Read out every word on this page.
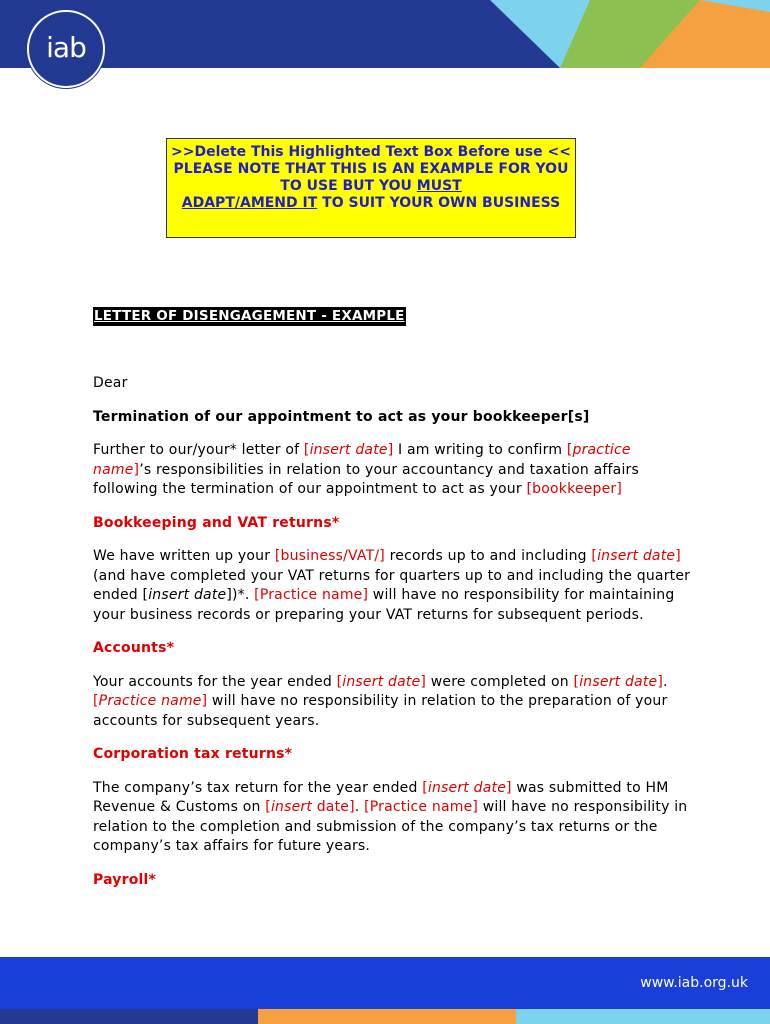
iab
>>Delete This Highlighted Text Box Before use <<
PLEASE NOTE THAT THIS IS AN EXAMPLE FOR YOU TO USE BUT YOU MUST
ADAPT/AMEND IT TO SUIT YOUR OWN BUSINESS
LETTER OF DISENGAGEMENT - EXAMPLE

Dear

Termination of our appointment to act as your bookkeeper[s]

Further to our/your* letter of [insert date] I am writing to confirm [practice name]’s responsibilities in relation to your accountancy and taxation affairs following the termination of our appointment to act as your [bookkeeper]

Bookkeeping and VAT returns*

We have written up your [business/VAT/] records up to and including [insert date] (and have completed your VAT returns for quarters up to and including the quarter ended [insert date])*. [Practice name] will have no responsibility for maintaining your business records or preparing your VAT returns for subsequent periods.

Accounts*

Your accounts for the year ended [insert date] were completed on [insert date]. [Practice name] will have no responsibility in relation to the preparation of your accounts for subsequent years.

Corporation tax returns*

The company’s tax return for the year ended [insert date] was submitted to HM Revenue & Customs on [insert date]. [Practice name] will have no responsibility in relation to the completion and submission of the company’s tax returns or the company’s tax affairs for future years.

Payroll*

www.iab.org.uk
